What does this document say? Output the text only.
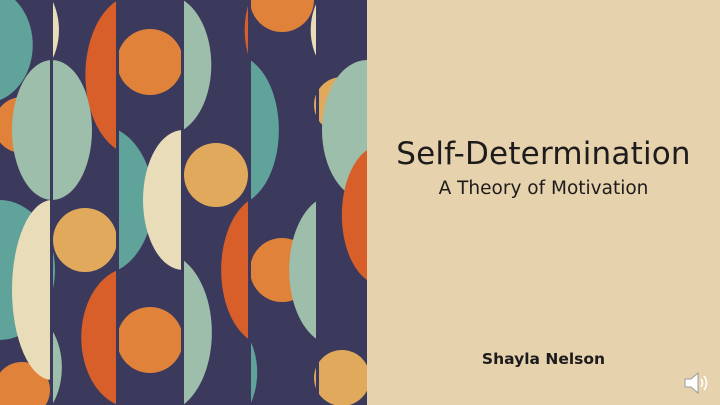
Self-Determination

A Theory of Motivation

Shayla Nelson
